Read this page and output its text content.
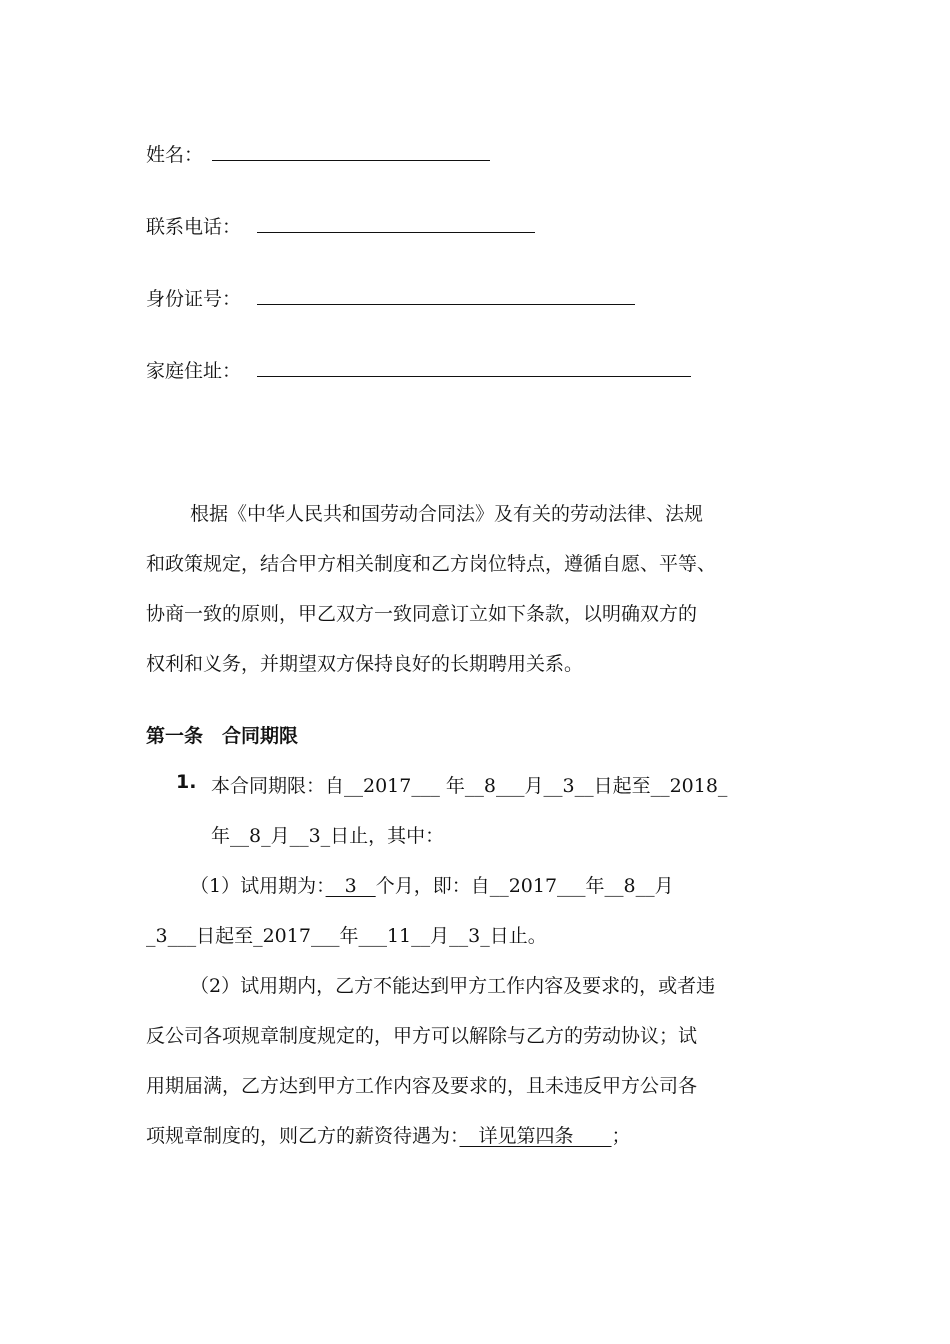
姓名：
联系电话：
身份证号：
家庭住址：
根据《中华人民共和国劳动合同法》及有关的劳动法律、法规
和政策规定，结合甲方相关制度和乙方岗位特点，遵循自愿、平等、
协商一致的原则，甲乙双方一致同意订立如下条款，以明确双方的
权利和义务，并期望双方保持良好的长期聘用关系。
第一条　合同期限
1. 本合同期限：自__2017___ 年__8___月__3__日起至__2018_
年__8_月__3_日止，其中：
（1）试用期为：　3　个月，即：自__2017___年__8__月
_3___日起至_2017___年___11__月__3_日止。
（2）试用期内，乙方不能达到甲方工作内容及要求的，或者违
反公司各项规章制度规定的，甲方可以解除与乙方的劳动协议；试
用期届满，乙方达到甲方工作内容及要求的，且未违反甲方公司各
项规章制度的，则乙方的薪资待遇为：　详见第四条　　；
